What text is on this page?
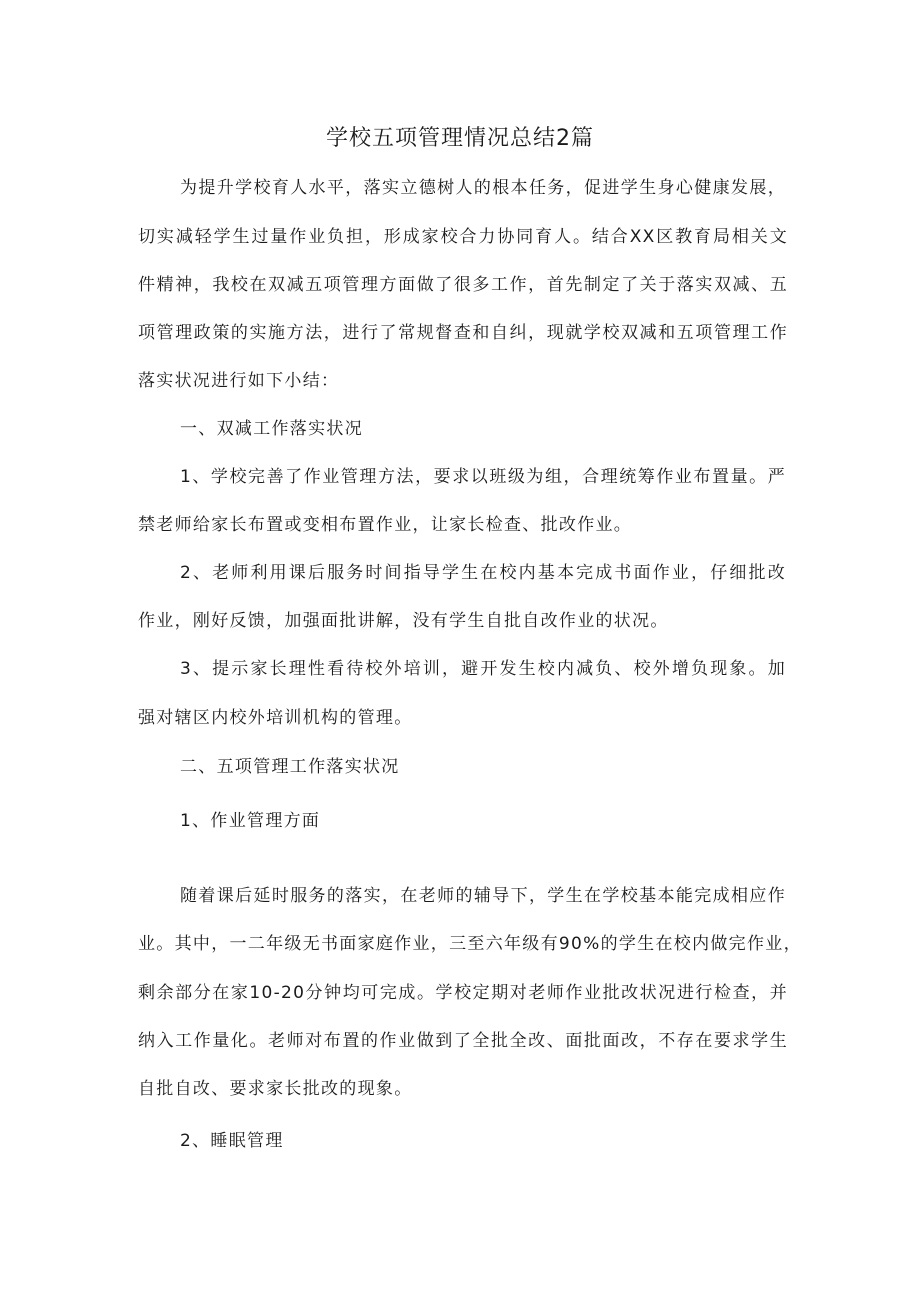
学校五项管理情况总结2篇
为提升学校育人水平，落实立德树人的根本任务，促进学生身心健康发展，
切实减轻学生过量作业负担，形成家校合力协同育人。结合XX区教育局相关文
件精神，我校在双减五项管理方面做了很多工作，首先制定了关于落实双减、五
项管理政策的实施方法，进行了常规督查和自纠，现就学校双减和五项管理工作
落实状况进行如下小结：
一、双减工作落实状况
1、学校完善了作业管理方法，要求以班级为组，合理统筹作业布置量。严
禁老师给家长布置或变相布置作业，让家长检查、批改作业。
2、老师利用课后服务时间指导学生在校内基本完成书面作业，仔细批改
作业，刚好反馈，加强面批讲解，没有学生自批自改作业的状况。
3、提示家长理性看待校外培训，避开发生校内减负、校外增负现象。加
强对辖区内校外培训机构的管理。
二、五项管理工作落实状况
1、作业管理方面
随着课后延时服务的落实，在老师的辅导下，学生在学校基本能完成相应作
业。其中，一二年级无书面家庭作业，三至六年级有90%的学生在校内做完作业，
剩余部分在家10-20分钟均可完成。学校定期对老师作业批改状况进行检查，并
纳入工作量化。老师对布置的作业做到了全批全改、面批面改，不存在要求学生
自批自改、要求家长批改的现象。
2、睡眠管理
